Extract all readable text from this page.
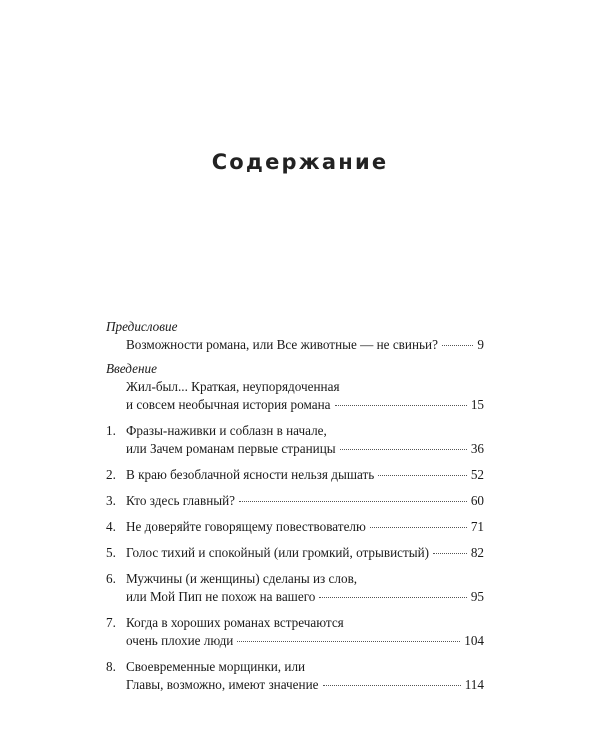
Содержание
Предисловие
Возможности романа, или Все животные — не свиньи?	9
Введение
Жил-был... Краткая, неупорядоченная
и совсем необычная история романа	15
1. Фразы-наживки и соблазн в начале,
или Зачем романам первые страницы	36
2. В краю безоблачной ясности нельзя дышать	52
3. Кто здесь главный?	60
4. Не доверяйте говорящему повествователю	71
5. Голос тихий и спокойный (или громкий, отрывистый)	82
6. Мужчины (и женщины) сделаны из слов,
или Мой Пип не похож на вашего	95
7. Когда в хороших романах встречаются
очень плохие люди	104
8. Своевременные морщинки, или
Главы, возможно, имеют значение	114
